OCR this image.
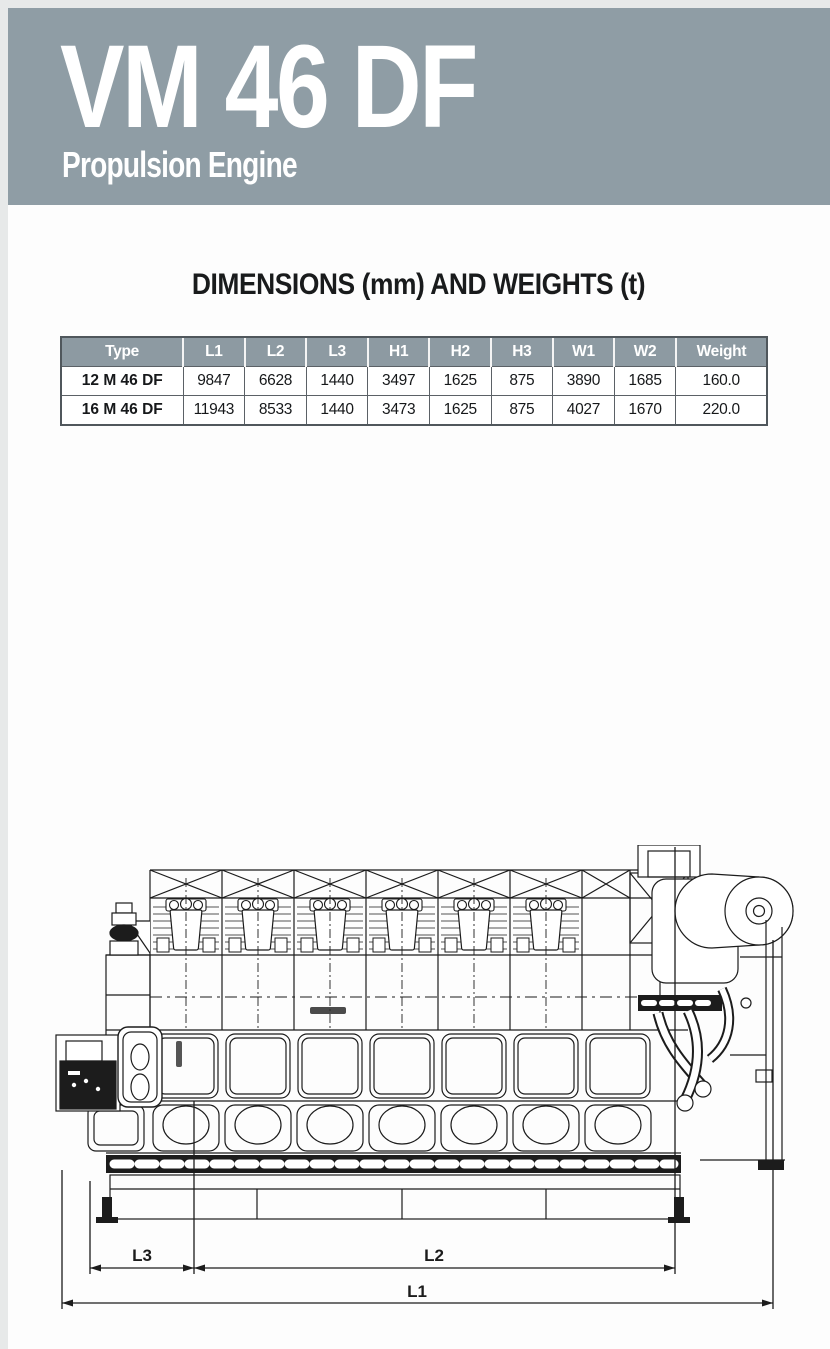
VM 46 DF
Propulsion Engine
DIMENSIONS (mm) AND WEIGHTS (t)
Type	L1	L2	L3	H1	H2	H3	W1	W2	Weight
12 M 46 DF	9847	6628	1440	3497	1625	875	3890	1685	160.0
16 M 46 DF	11943	8533	1440	3473	1625	875	4027	1670	220.0
L3	L2
L1
